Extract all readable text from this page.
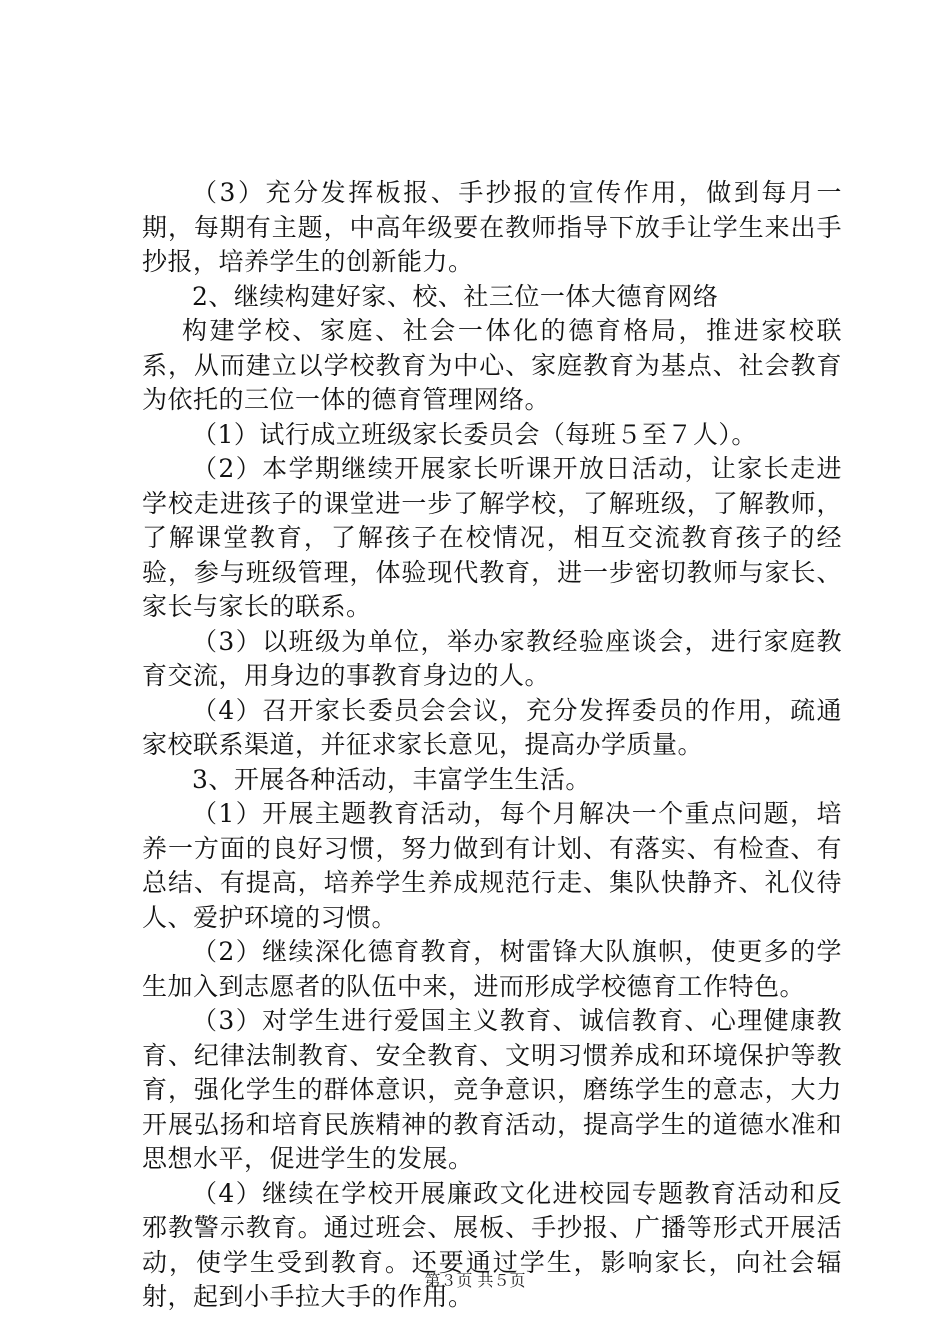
（3）充分发挥板报、手抄报的宣传作用，做到每月一期，每期有主题，中高年级要在教师指导下放手让学生来出手抄报，培养学生的创新能力。

2、继续构建好家、校、社三位一体大德育网络

构建学校、家庭、社会一体化的德育格局，推进家校联系，从而建立以学校教育为中心、家庭教育为基点、社会教育为依托的三位一体的德育管理网络。

（1）试行成立班级家长委员会（每班５至７人）。

（2）本学期继续开展家长听课开放日活动，让家长走进学校走进孩子的课堂进一步了解学校，了解班级，了解教师，了解课堂教育，了解孩子在校情况，相互交流教育孩子的经验，参与班级管理，体验现代教育，进一步密切教师与家长、家长与家长的联系。

（3）以班级为单位，举办家教经验座谈会，进行家庭教育交流，用身边的事教育身边的人。

（4）召开家长委员会会议，充分发挥委员的作用，疏通家校联系渠道，并征求家长意见，提高办学质量。

3、开展各种活动，丰富学生生活。

（1）开展主题教育活动，每个月解决一个重点问题，培养一方面的良好习惯，努力做到有计划、有落实、有检查、有总结、有提高，培养学生养成规范行走、集队快静齐、礼仪待人、爱护环境的习惯。

（2）继续深化德育教育，树雷锋大队旗帜，使更多的学生加入到志愿者的队伍中来，进而形成学校德育工作特色。

（3）对学生进行爱国主义教育、诚信教育、心理健康教育、纪律法制教育、安全教育、文明习惯养成和环境保护等教育，强化学生的群体意识，竞争意识，磨练学生的意志，大力开展弘扬和培育民族精神的教育活动，提高学生的道德水准和思想水平，促进学生的发展。

（4）继续在学校开展廉政文化进校园专题教育活动和反邪教警示教育。通过班会、展板、手抄报、广播等形式开展活动，使学生受到教育。还要通过学生，影响家长，向社会辐射，起到小手拉大手的作用。

第３页 共５页
